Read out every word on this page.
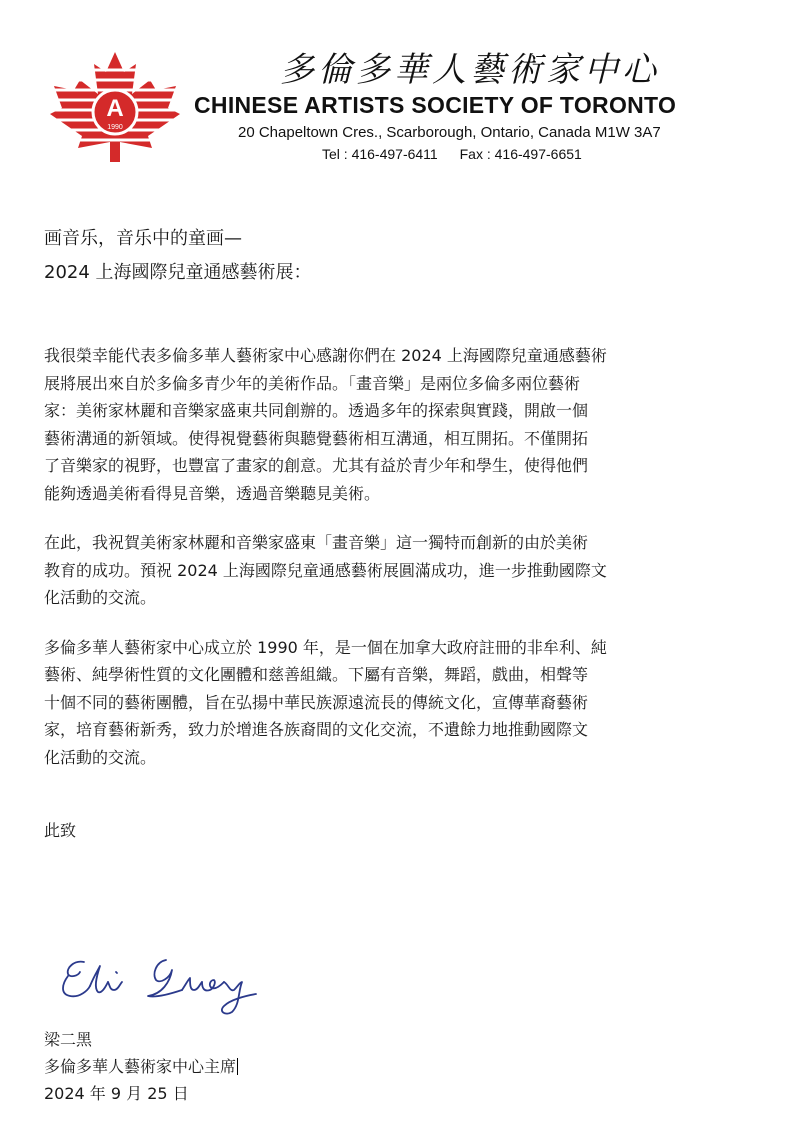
A
1990
多倫多華人藝術家中心
CHINESE ARTISTS SOCIETY OF TORONTO
20 Chapeltown Cres., Scarborough, Ontario, Canada M1W 3A7
Tel : 416-497-6411 Fax : 416-497-6651
画音乐，音乐中的童画—
2024 上海國際兒童通感藝術展：
我很榮幸能代表多倫多華人藝術家中心感謝你們在 2024 上海國際兒童通感藝術
展將展出來自於多倫多青少年的美術作品。「畫音樂」是兩位多倫多兩位藝術
家：美術家林麗和音樂家盛東共同創辦的。透過多年的探索與實踐，開啟一個
藝術溝通的新領域。使得視覺藝術與聽覺藝術相互溝通，相互開拓。不僅開拓
了音樂家的視野，也豐富了畫家的創意。尤其有益於青少年和學生，使得他們
能夠透過美術看得見音樂，透過音樂聽見美術。
在此，我祝賀美術家林麗和音樂家盛東「畫音樂」這一獨特而創新的由於美術
教育的成功。預祝 2024 上海國際兒童通感藝術展圓滿成功，進一步推動國際文
化活動的交流。
多倫多華人藝術家中心成立於 1990 年，是一個在加拿大政府註冊的非牟利、純
藝術、純學術性質的文化團體和慈善組織。下屬有音樂，舞蹈，戲曲，相聲等
十個不同的藝術團體，旨在弘揚中華民族源遠流長的傳統文化，宣傳華裔藝術
家，培育藝術新秀，致力於增進各族裔間的文化交流，不遺餘力地推動國際文
化活動的交流。
此致
梁二黑
多倫多華人藝術家中心主席
2024 年 9 月 25 日
